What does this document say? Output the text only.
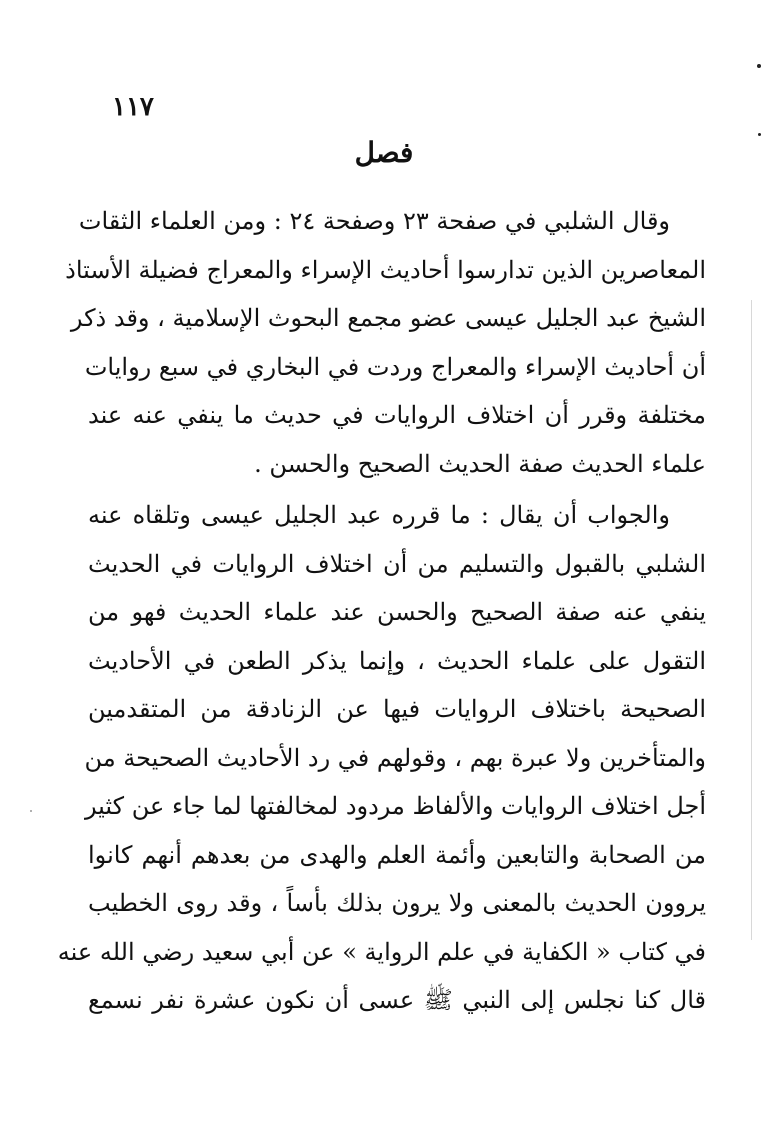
١١٧
فصل
وقال الشلبي في صفحة ٢٣ وصفحة ٢٤ : ومن العلماء الثقات
المعاصرين الذين تدارسوا أحاديث الإسراء والمعراج فضيلة الأستاذ
الشيخ عبد الجليل عيسى عضو مجمع البحوث الإسلامية ، وقد ذكر
أن أحاديث الإسراء والمعراج وردت في البخاري في سبع روايات
مختلفة وقرر أن اختلاف الروايات في حديث ما ينفي عنه عند
علماء الحديث صفة الحديث الصحيح والحسن .
والجواب أن يقال : ما قرره عبد الجليل عيسى وتلقاه عنه
الشلبي بالقبول والتسليم من أن اختلاف الروايات في الحديث
ينفي عنه صفة الصحيح والحسن عند علماء الحديث فهو من
التقول على علماء الحديث ، وإنما يذكر الطعن في الأحاديث
الصحيحة باختلاف الروايات فيها عن الزنادقة من المتقدمين
والمتأخرين ولا عبرة بهم ، وقولهم في رد الأحاديث الصحيحة من
أجل اختلاف الروايات والألفاظ مردود لمخالفتها لما جاء عن كثير
من الصحابة والتابعين وأئمة العلم والهدى من بعدهم أنهم كانوا
يروون الحديث بالمعنى ولا يرون بذلك بأساً ، وقد روى الخطيب
في كتاب « الكفاية في علم الرواية » عن أبي سعيد رضي الله عنه
قال كنا نجلس إلى النبي ﷺ عسى أن نكون عشرة نفر نسمع
